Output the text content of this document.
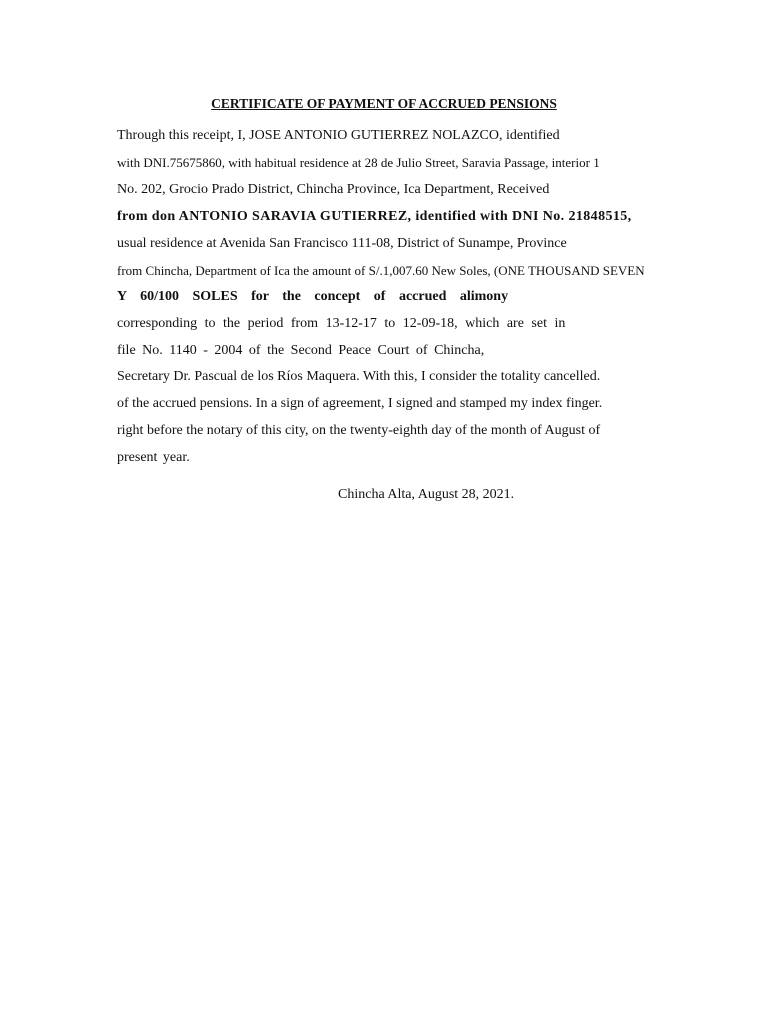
CERTIFICATE OF PAYMENT OF ACCRUED PENSIONS
Through this receipt, I, JOSE ANTONIO GUTIERREZ NOLAZCO, identified
with DNI.75675860, with habitual residence at 28 de Julio Street, Saravia Passage, interior 1
No. 202, Grocio Prado District, Chincha Province, Ica Department, Received
from don ANTONIO SARAVIA GUTIERREZ, identified with DNI No. 21848515,
usual residence at Avenida San Francisco 111-08, District of Sunampe, Province
from Chincha, Department of Ica the amount of S/.1,007.60 New Soles, (ONE THOUSAND SEVEN
Y 60/100 SOLES for the concept of accrued alimony
corresponding to the period from 13-12-17 to 12-09-18, which are set in
file No. 1140 - 2004 of the Second Peace Court of Chincha,
Secretary Dr. Pascual de los Ríos Maquera. With this, I consider the totality cancelled.
of the accrued pensions. In a sign of agreement, I signed and stamped my index finger.
right before the notary of this city, on the twenty-eighth day of the month of August of
present year.
Chincha Alta, August 28, 2021.
